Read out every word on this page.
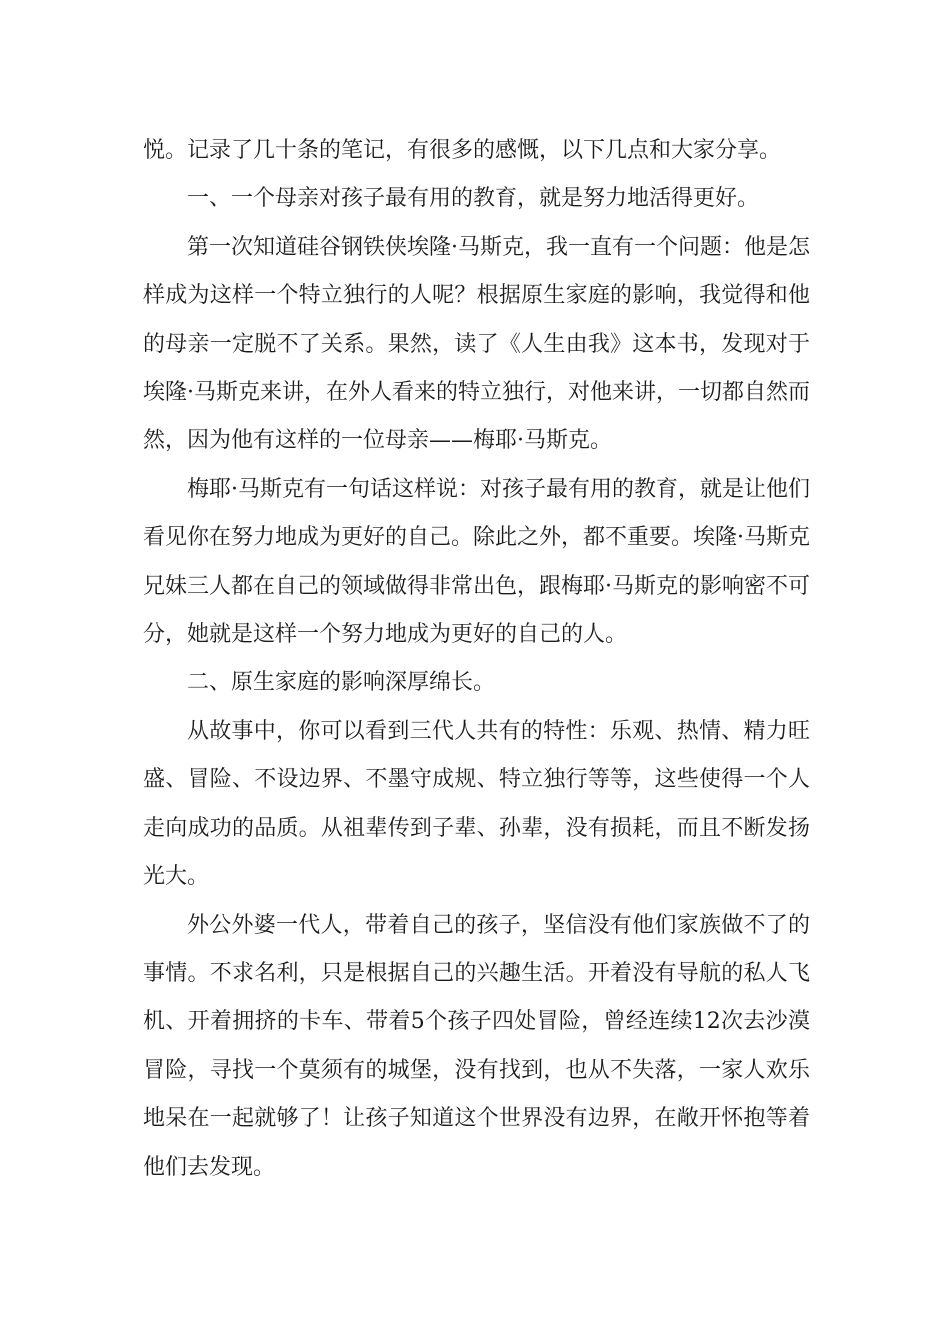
悦。记录了几十条的笔记，有很多的感慨，以下几点和大家分享。

一、一个母亲对孩子最有用的教育，就是努力地活得更好。

第一次知道硅谷钢铁侠埃隆·马斯克，我一直有一个问题：他是怎样成为这样一个特立独行的人呢？根据原生家庭的影响，我觉得和他的母亲一定脱不了关系。果然，读了《人生由我》这本书，发现对于埃隆·马斯克来讲，在外人看来的特立独行，对他来讲，一切都自然而然，因为他有这样的一位母亲——梅耶·马斯克。

梅耶·马斯克有一句话这样说：对孩子最有用的教育，就是让他们看见你在努力地成为更好的自己。除此之外，都不重要。埃隆·马斯克兄妹三人都在自己的领域做得非常出色，跟梅耶·马斯克的影响密不可分，她就是这样一个努力地成为更好的自己的人。

二、原生家庭的影响深厚绵长。

从故事中，你可以看到三代人共有的特性：乐观、热情、精力旺盛、冒险、不设边界、不墨守成规、特立独行等等，这些使得一个人走向成功的品质。从祖辈传到子辈、孙辈，没有损耗，而且不断发扬光大。

外公外婆一代人，带着自己的孩子，坚信没有他们家族做不了的事情。不求名利，只是根据自己的兴趣生活。开着没有导航的私人飞机、开着拥挤的卡车、带着5个孩子四处冒险，曾经连续12次去沙漠冒险，寻找一个莫须有的城堡，没有找到，也从不失落，一家人欢乐地呆在一起就够了！让孩子知道这个世界没有边界，在敞开怀抱等着他们去发现。
